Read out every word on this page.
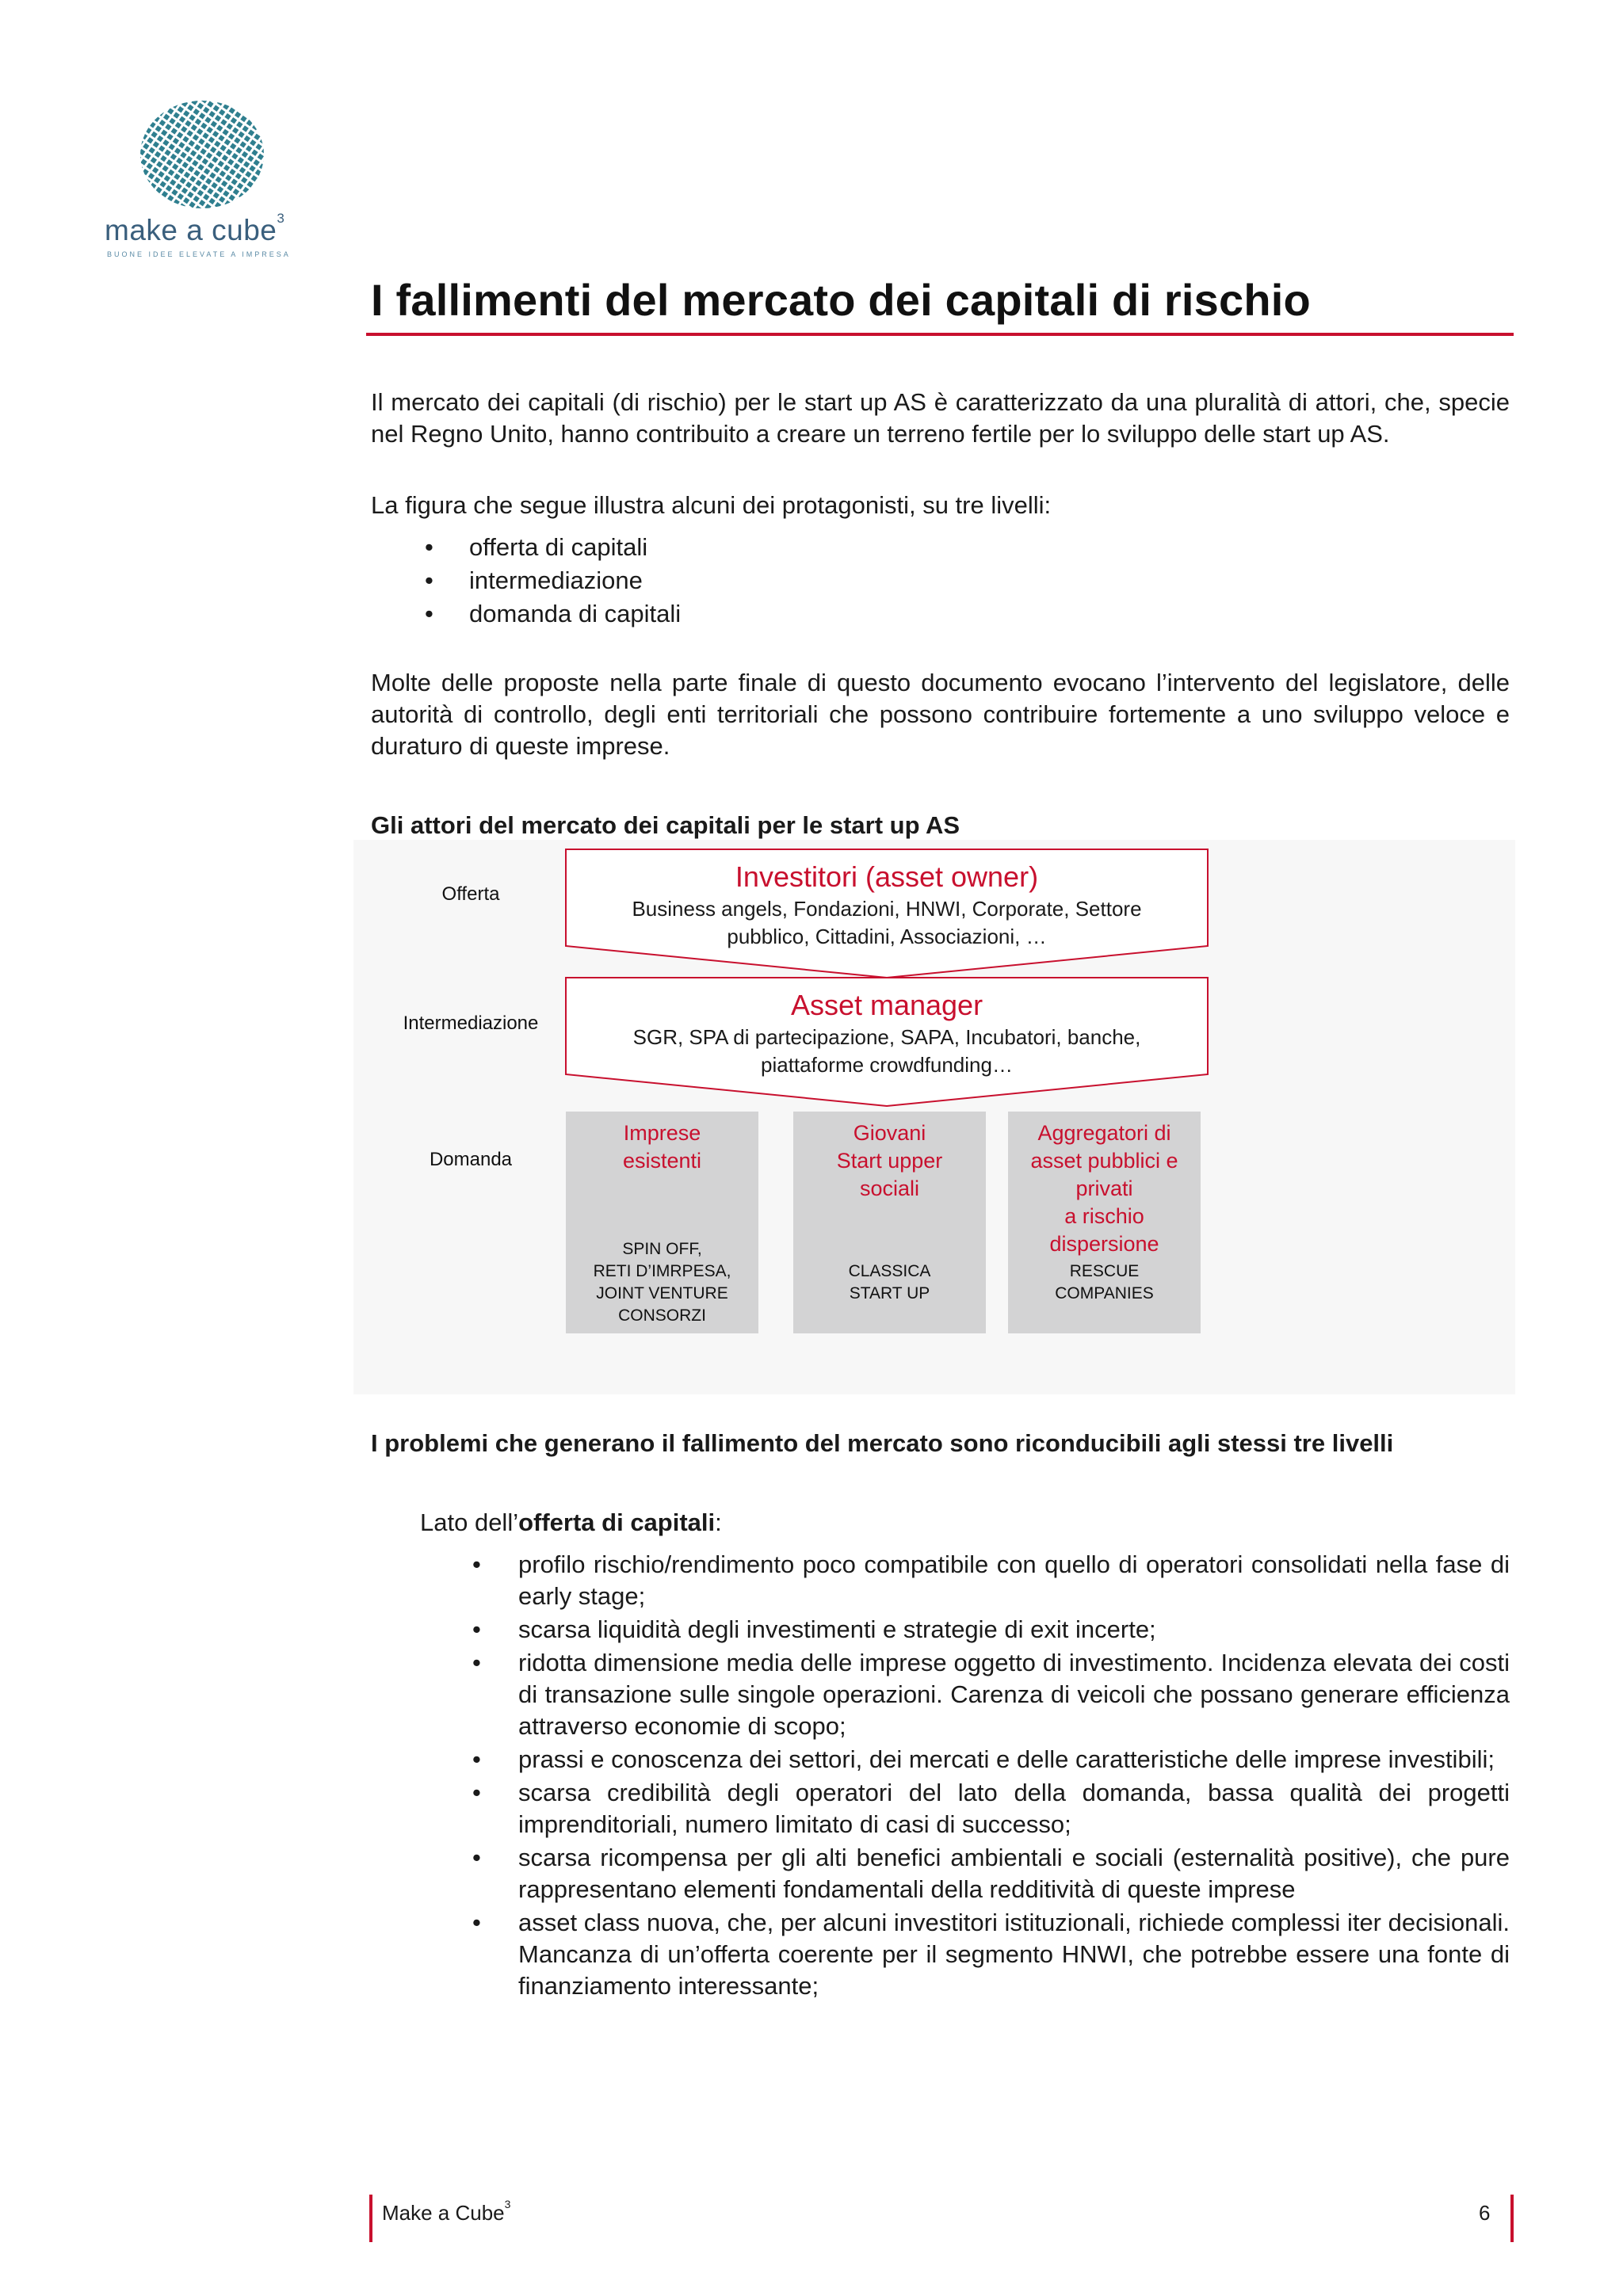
make a cube$^3$
BUONE IDEE ELEVATE A IMPRESA
I fallimenti del mercato dei capitali di rischio

Il mercato dei capitali (di rischio) per le start up AS è caratterizzato da una pluralità di attori, che, specie nel Regno Unito, hanno contribuito a creare un terreno fertile per lo sviluppo delle start up AS.

La figura che segue illustra alcuni dei protagonisti, su tre livelli:

• offerta di capitali
• intermediazione
• domanda di capitali

Molte delle proposte nella parte finale di questo documento evocano l’intervento del legislatore, delle autorità di controllo, degli enti territoriali che possono contribuire fortemente a uno sviluppo veloce e duraturo di queste imprese.

Gli attori del mercato dei capitali per le start up AS

Offerta
Intermediazione
Domanda
Investitori (asset owner)
Business angels, Fondazioni, HNWI, Corporate, Settore
pubblico, Cittadini, Associazioni, …
Asset manager
SGR, SPA di partecipazione, SAPA, Incubatori, banche,
piattaforme crowdfunding…
Imprese
esistenti
SPIN OFF,
RETI D’IMRPESA,
JOINT VENTURE
CONSORZI
Giovani
Start upper
sociali
CLASSICA
START UP
Aggregatori di
asset pubblici e
privati
a rischio
dispersione
RESCUE
COMPANIES

I problemi che generano il fallimento del mercato sono riconducibili agli stessi tre livelli

Lato dell’offerta di capitali:

• profilo rischio/rendimento poco compatibile con quello di operatori consolidati nella fase di early stage;
• scarsa liquidità degli investimenti e strategie di exit incerte;
• ridotta dimensione media delle imprese oggetto di investimento. Incidenza elevata dei costi di transazione sulle singole operazioni. Carenza di veicoli che possano generare efficienza attraverso economie di scopo;
• prassi e conoscenza dei settori, dei mercati e delle caratteristiche delle imprese investibili;
• scarsa credibilità degli operatori del lato della domanda, bassa qualità dei progetti imprenditoriali, numero limitato di casi di successo;
• scarsa ricompensa per gli alti benefici ambientali e sociali (esternalità positive), che pure rappresentano elementi fondamentali della redditività di queste imprese
• asset class nuova, che, per alcuni investitori istituzionali, richiede complessi iter decisionali. Mancanza di un’offerta coerente per il segmento HNWI, che potrebbe essere una fonte di finanziamento interessante;
Make a Cube$^3$	6
